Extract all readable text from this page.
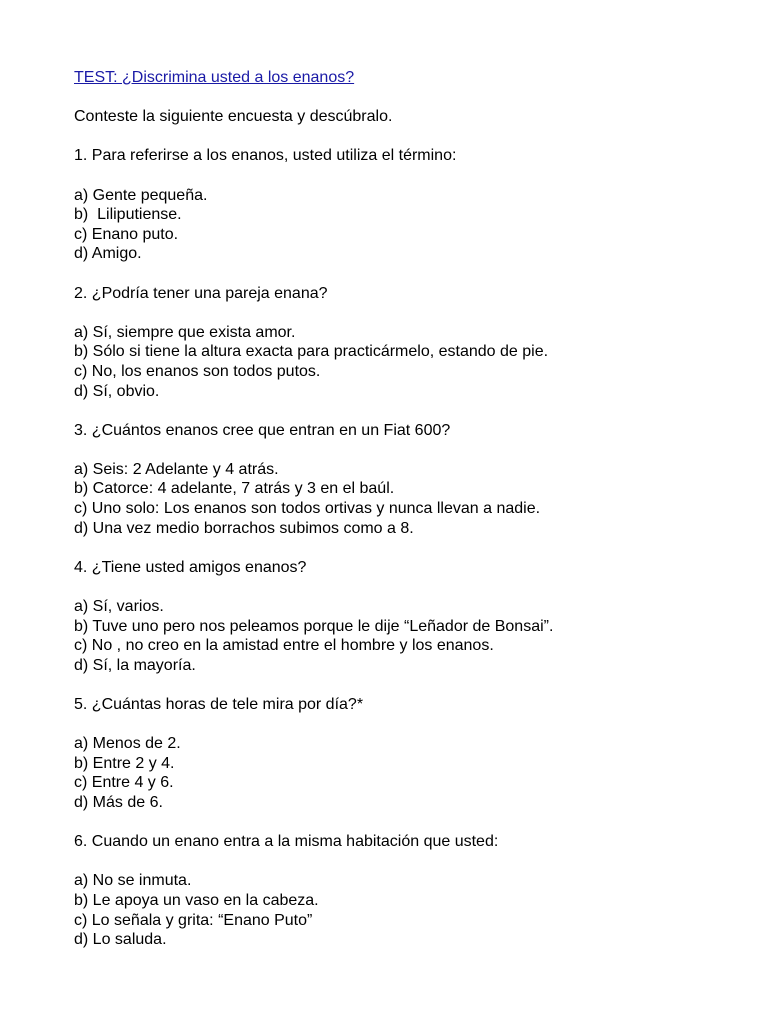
TEST: ¿Discrimina usted a los enanos?
Conteste la siguiente encuesta y descúbralo.
1. Para referirse a los enanos, usted utiliza el término:
a) Gente pequeña.
b)  Liliputiense.
c) Enano puto.
d) Amigo.
2. ¿Podría tener una pareja enana?
a) Sí, siempre que exista amor.
b) Sólo si tiene la altura exacta para practicármelo, estando de pie.
c) No, los enanos son todos putos.
d) Sí, obvio.
3. ¿Cuántos enanos cree que entran en un Fiat 600?
a) Seis: 2 Adelante y 4 atrás.
b) Catorce: 4 adelante, 7 atrás y 3 en el baúl.
c) Uno solo: Los enanos son todos ortivas y nunca llevan a nadie.
d) Una vez medio borrachos subimos como a 8.
4. ¿Tiene usted amigos enanos?
a) Sí, varios.
b) Tuve uno pero nos peleamos porque le dije “Leñador de Bonsai”.
c) No , no creo en la amistad entre el hombre y los enanos.
d) Sí, la mayoría.
5. ¿Cuántas horas de tele mira por día?*
a) Menos de 2.
b) Entre 2 y 4.
c) Entre 4 y 6.
d) Más de 6.
6. Cuando un enano entra a la misma habitación que usted:
a) No se inmuta.
b) Le apoya un vaso en la cabeza.
c) Lo señala y grita: “Enano Puto”
d) Lo saluda.
